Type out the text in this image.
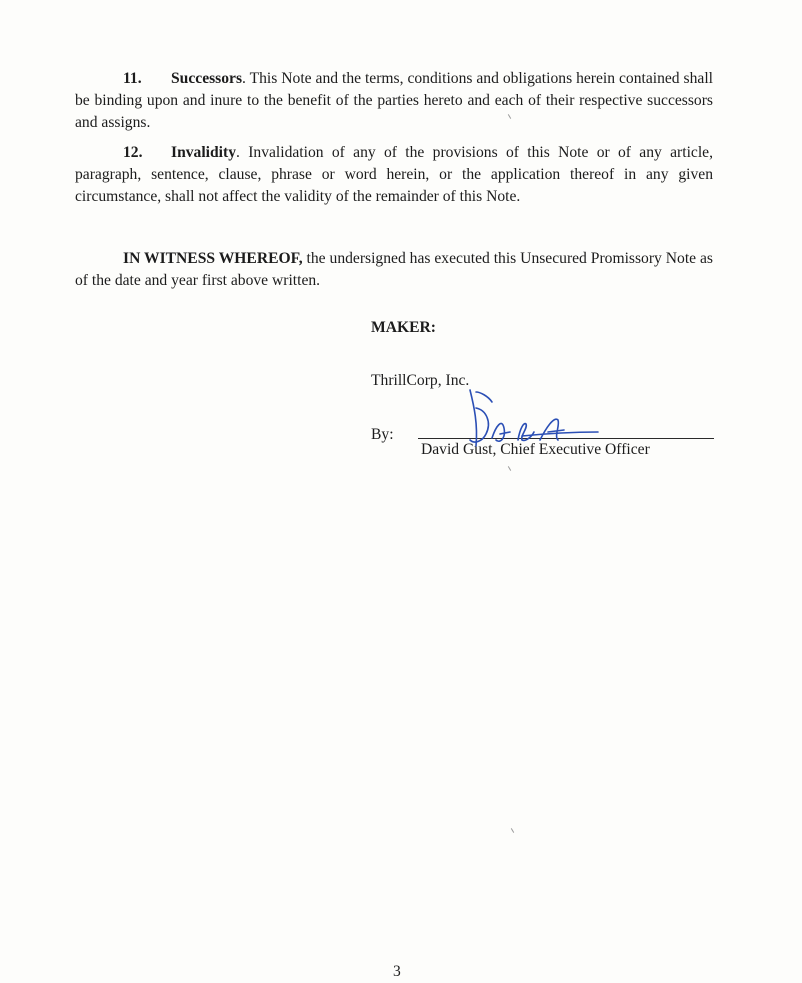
11. Successors. This Note and the terms, conditions and obligations herein contained shall be binding upon and inure to the benefit of the parties hereto and each of their respective successors and assigns.

12. Invalidity. Invalidation of any of the provisions of this Note or of any article, paragraph, sentence, clause, phrase or word herein, or the application thereof in any given circumstance, shall not affect the validity of the remainder of this Note.

IN WITNESS WHEREOF, the undersigned has executed this Unsecured Promissory Note as of the date and year first above written.

MAKER:
ThrillCorp, Inc.
By:
David Gust, Chief Executive Officer
3
